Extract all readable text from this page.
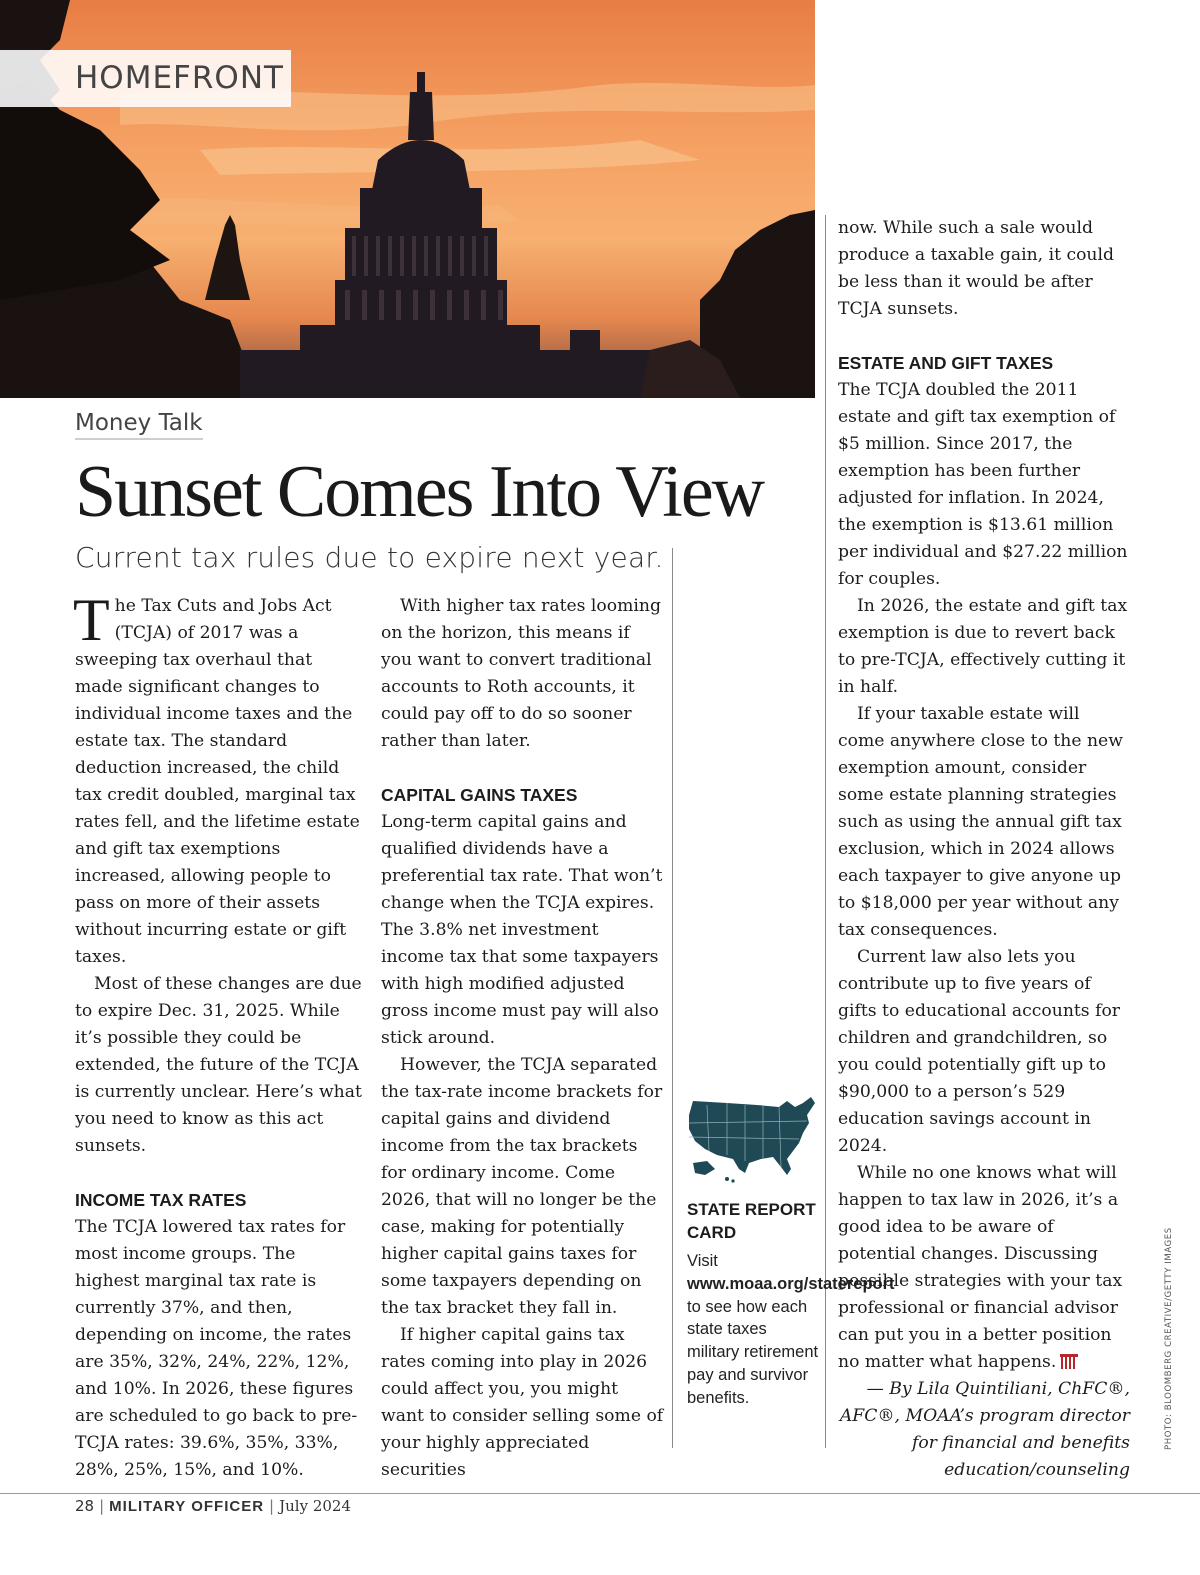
HOMEFRONT
Money Talk
Sunset Comes Into View
Current tax rules due to expire next year.

The Tax Cuts and Jobs Act (TCJA) of 2017 was a sweeping tax overhaul that made significant changes to individual income taxes and the estate tax. The standard deduction increased, the child tax credit doubled, marginal tax rates fell, and the lifetime estate and gift tax exemptions increased, allowing people to pass on more of their assets without incurring estate or gift taxes.

Most of these changes are due to expire Dec. 31, 2025. While it’s possible they could be extended, the future of the TCJA is currently unclear. Here’s what you need to know as this act sunsets.

INCOME TAX RATES

The TCJA lowered tax rates for most income groups. The highest marginal tax rate is currently 37%, and then, depending on income, the rates are 35%, 32%, 24%, 22%, 12%, and 10%. In 2026, these figures are scheduled to go back to pre-TCJA rates: 39.6%, 35%, 33%, 28%, 25%, 15%, and 10%.

With higher tax rates looming on the horizon, this means if you want to convert traditional accounts to Roth accounts, it could pay off to do so sooner rather than later.

CAPITAL GAINS TAXES

Long-term capital gains and qualified dividends have a preferential tax rate. That won’t change when the TCJA expires. The 3.8% net investment income tax that some taxpayers with high modified adjusted gross income must pay will also stick around.

However, the TCJA separated the tax-rate income brackets for capital gains and dividend income from the tax brackets for ordinary income. Come 2026, that will no longer be the case, making for potentially higher capital gains taxes for some taxpayers depending on the tax bracket they fall in.

If higher capital gains tax rates coming into play in 2026 could affect you, you might want to consider selling some of your highly appreciated securities

STATE REPORT CARD
Visit www.moaa.org/statereport to see how each state taxes military retirement pay and survivor benefits.

now. While such a sale would produce a taxable gain, it could be less than it would be after TCJA sunsets.

ESTATE AND GIFT TAXES

The TCJA doubled the 2011 estate and gift tax exemption of $5 million. Since 2017, the exemption has been further adjusted for inflation. In 2024, the exemption is $13.61 million per individual and $27.22 million for couples.

In 2026, the estate and gift tax exemption is due to revert back to pre-TCJA, effectively cutting it in half.

If your taxable estate will come anywhere close to the new exemption amount, consider some estate planning strategies such as using the annual gift tax exclusion, which in 2024 allows each taxpayer to give anyone up to $18,000 per year without any tax consequences.

Current law also lets you contribute up to five years of gifts to educational accounts for children and grandchildren, so you could potentially gift up to $90,000 to a person’s 529 education savings account in 2024.

While no one knows what will happen to tax law in 2026, it’s a good idea to be aware of potential changes. Discussing possible strategies with your tax professional or financial advisor can put you in a better position no matter what happens.

— By Lila Quintiliani, ChFC®, AFC®, MOAA’s program director for financial and benefits education/counseling

PHOTO: BLOOMBERG CREATIVE/GETTY IMAGES
28 | MILITARY OFFICER | July 2024
